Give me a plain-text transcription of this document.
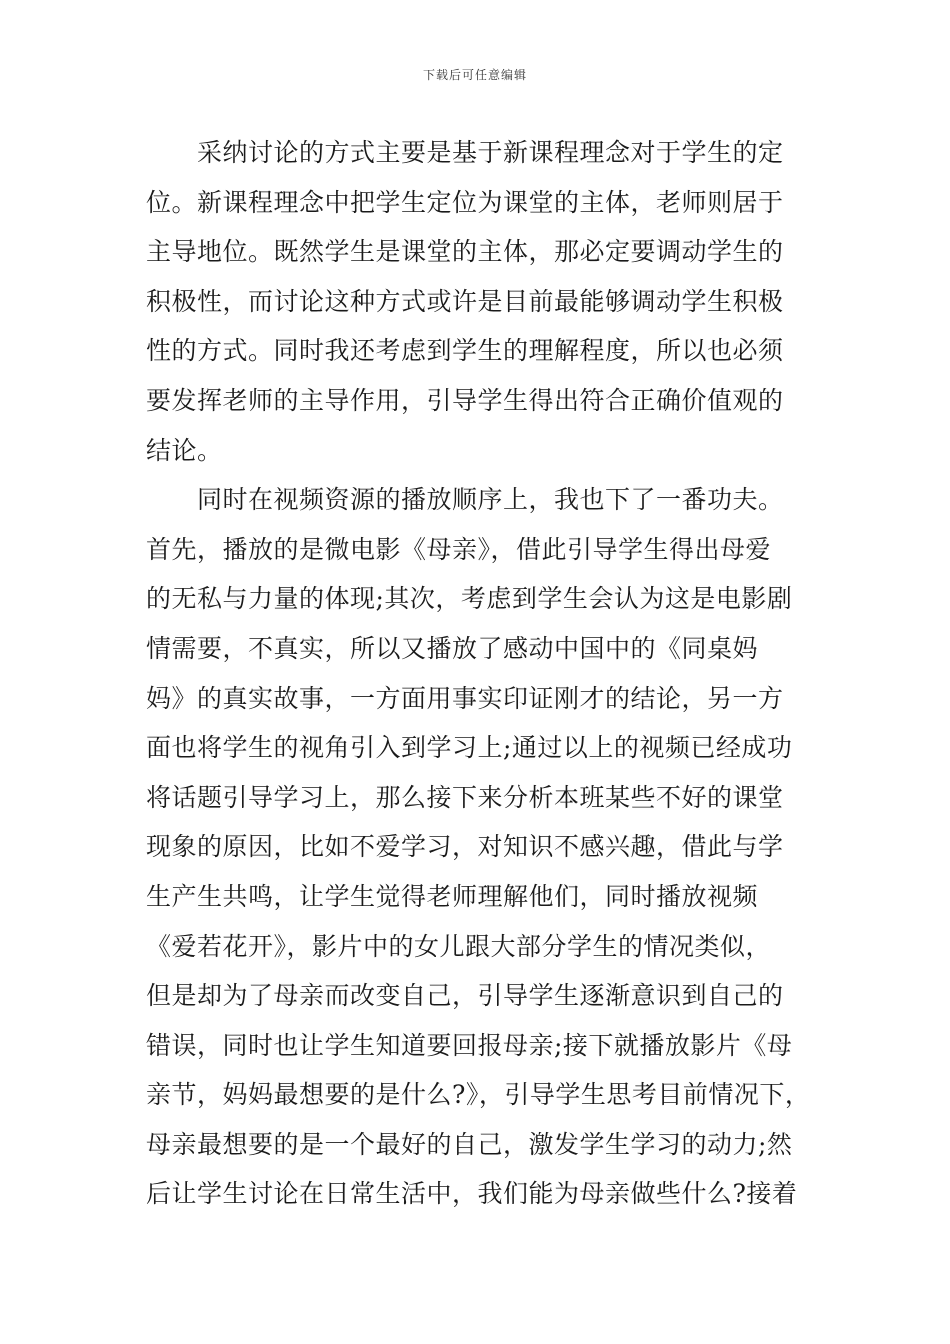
下载后可任意编辑
采纳讨论的方式主要是基于新课程理念对于学生的定
位。新课程理念中把学生定位为课堂的主体，老师则居于
主导地位。既然学生是课堂的主体，那必定要调动学生的
积极性，而讨论这种方式或许是目前最能够调动学生积极
性的方式。同时我还考虑到学生的理解程度，所以也必须
要发挥老师的主导作用，引导学生得出符合正确价值观的
结论。
同时在视频资源的播放顺序上，我也下了一番功夫。
首先，播放的是微电影《母亲》，借此引导学生得出母爱
的无私与力量的体现;其次，考虑到学生会认为这是电影剧
情需要，不真实，所以又播放了感动中国中的《同桌妈
妈》的真实故事，一方面用事实印证刚才的结论，另一方
面也将学生的视角引入到学习上;通过以上的视频已经成功
将话题引导学习上，那么接下来分析本班某些不好的课堂
现象的原因，比如不爱学习，对知识不感兴趣，借此与学
生产生共鸣，让学生觉得老师理解他们，同时播放视频
《爱若花开》，影片中的女儿跟大部分学生的情况类似，
但是却为了母亲而改变自己，引导学生逐渐意识到自己的
错误，同时也让学生知道要回报母亲;接下就播放影片《母
亲节，妈妈最想要的是什么?》，引导学生思考目前情况下，
母亲最想要的是一个最好的自己，激发学生学习的动力;然
后让学生讨论在日常生活中，我们能为母亲做些什么?接着
